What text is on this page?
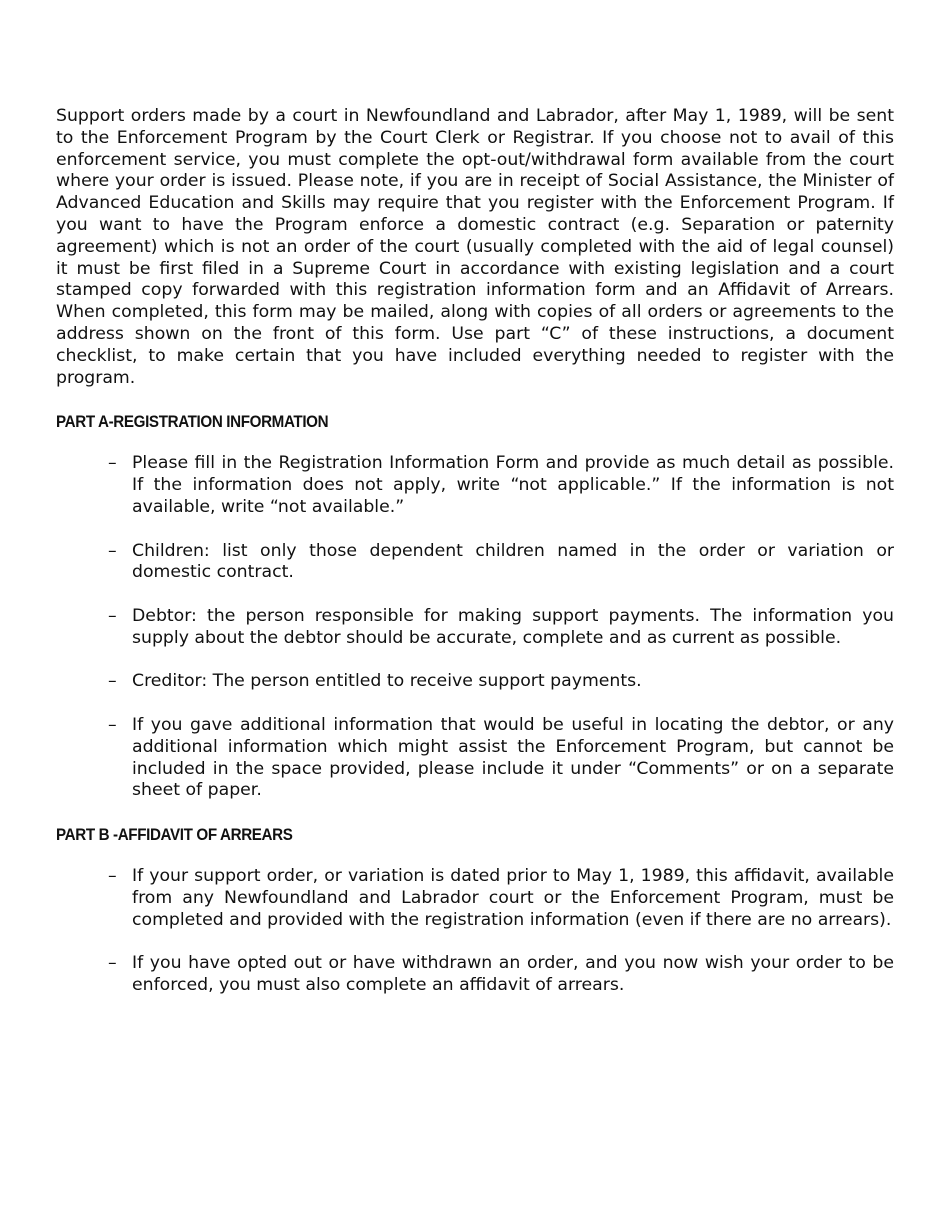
Support orders made by a court in Newfoundland and Labrador, after May 1, 1989, will be sent to the Enforcement Program by the Court Clerk or Registrar. If you choose not to avail of this enforcement service, you must complete the opt-out/withdrawal form available from the court where your order is issued. Please note, if you are in receipt of Social Assistance, the Minister of Advanced Education and Skills may require that you register with the Enforcement Program. If you want to have the Program enforce a domestic contract (e.g. Separation or paternity agreement) which is not an order of the court (usually completed with the aid of legal counsel) it must be first filed in a Supreme Court in accordance with existing legislation and a court stamped copy forwarded with this registration information form and an Affidavit of Arrears. When completed, this form may be mailed, along with copies of all orders or agreements to the address shown on the front of this form. Use part “C” of these instructions, a document checklist, to make certain that you have included everything needed to register with the program.

PART A-REGISTRATION INFORMATION
– Please fill in the Registration Information Form and provide as much detail as possible. If the information does not apply, write “not applicable.” If the information is not available, write “not available.”
– Children: list only those dependent children named in the order or variation or domestic contract.
– Debtor: the person responsible for making support payments. The information you supply about the debtor should be accurate, complete and as current as possible.
– Creditor: The person entitled to receive support payments.
– If you gave additional information that would be useful in locating the debtor, or any additional information which might assist the Enforcement Program, but cannot be included in the space provided, please include it under “Comments” or on a separate sheet of paper.
PART B -AFFIDAVIT OF ARREARS
– If your support order, or variation is dated prior to May 1, 1989, this affidavit, available from any Newfoundland and Labrador court or the Enforcement Program, must be completed and provided with the registration information (even if there are no arrears).
– If you have opted out or have withdrawn an order, and you now wish your order to be enforced, you must also complete an affidavit of arrears.
